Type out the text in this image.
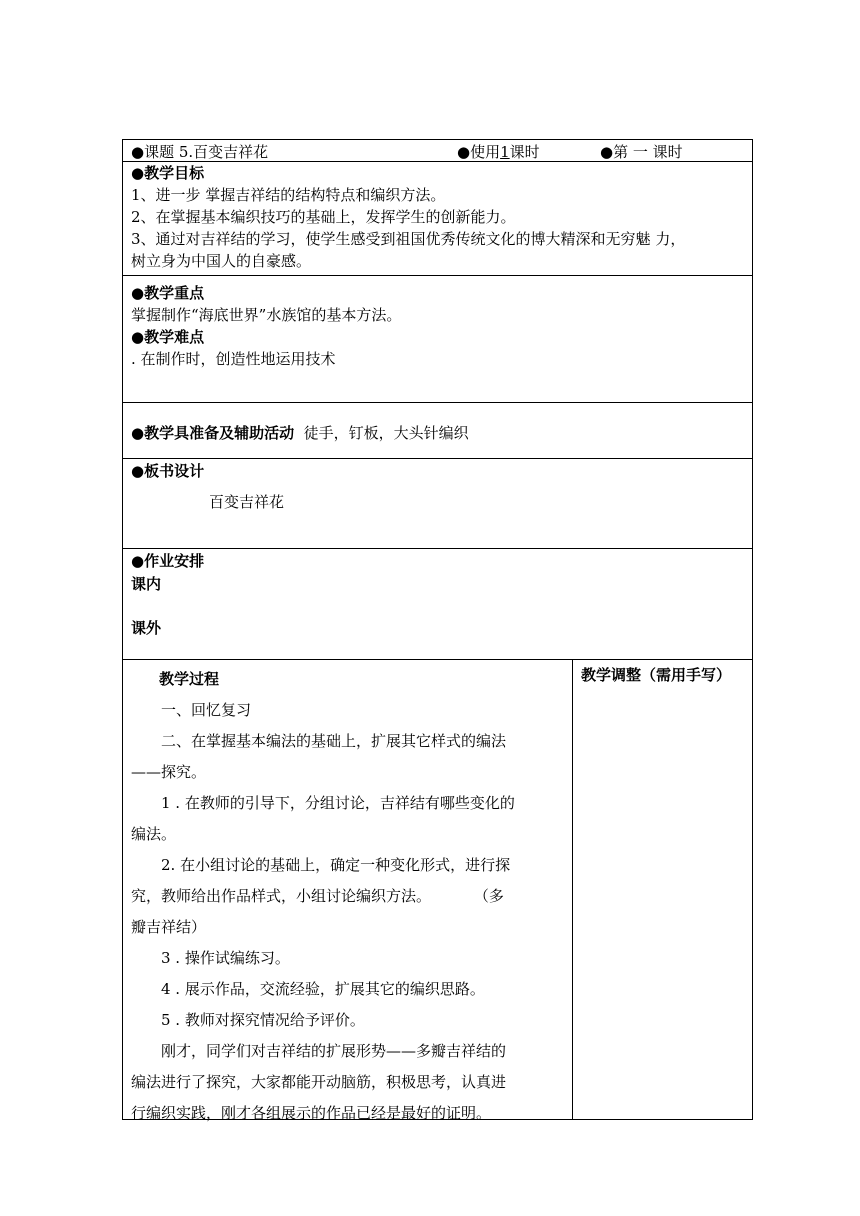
●课题 5.百变吉祥花	●使用1课时	●第 一 课时
●教学目标
1、进一步 掌握吉祥结的结构特点和编织方法。
2、在掌握基本编织技巧的基础上，发挥学生的创新能力。
3、通过对吉祥结的学习，使学生感受到祖国优秀传统文化的博大精深和无穷魅 力，
树立身为中国人的自豪感。
●教学重点
掌握制作“海底世界”水族馆的基本方法。
●教学难点
. 在制作时，创造性地运用技术
●教学具准备及辅助活动 徒手，钉板，大头针编织
●板书设计
百变吉祥花
●作业安排
课内
课外
教学过程
一、回忆复习
二、在掌握基本编法的基础上，扩展其它样式的编法
——探究。
1 . 在教师的引导下，分组讨论，吉祥结有哪些变化的
编法。
2. 在小组讨论的基础上，确定一种变化形式，进行探
究，教师给出作品样式，小组讨论编织方法。         （多
瓣吉祥结）
3 . 操作试编练习。
4 . 展示作品，交流经验，扩展其它的编织思路。
5 . 教师对探究情况给予评价。
刚才，同学们对吉祥结的扩展形势——多瓣吉祥结的
编法进行了探究，大家都能开动脑筋，积极思考，认真进
行编织实践，刚才各组展示的作品已经是最好的证明。
教学调整（需用手写）
